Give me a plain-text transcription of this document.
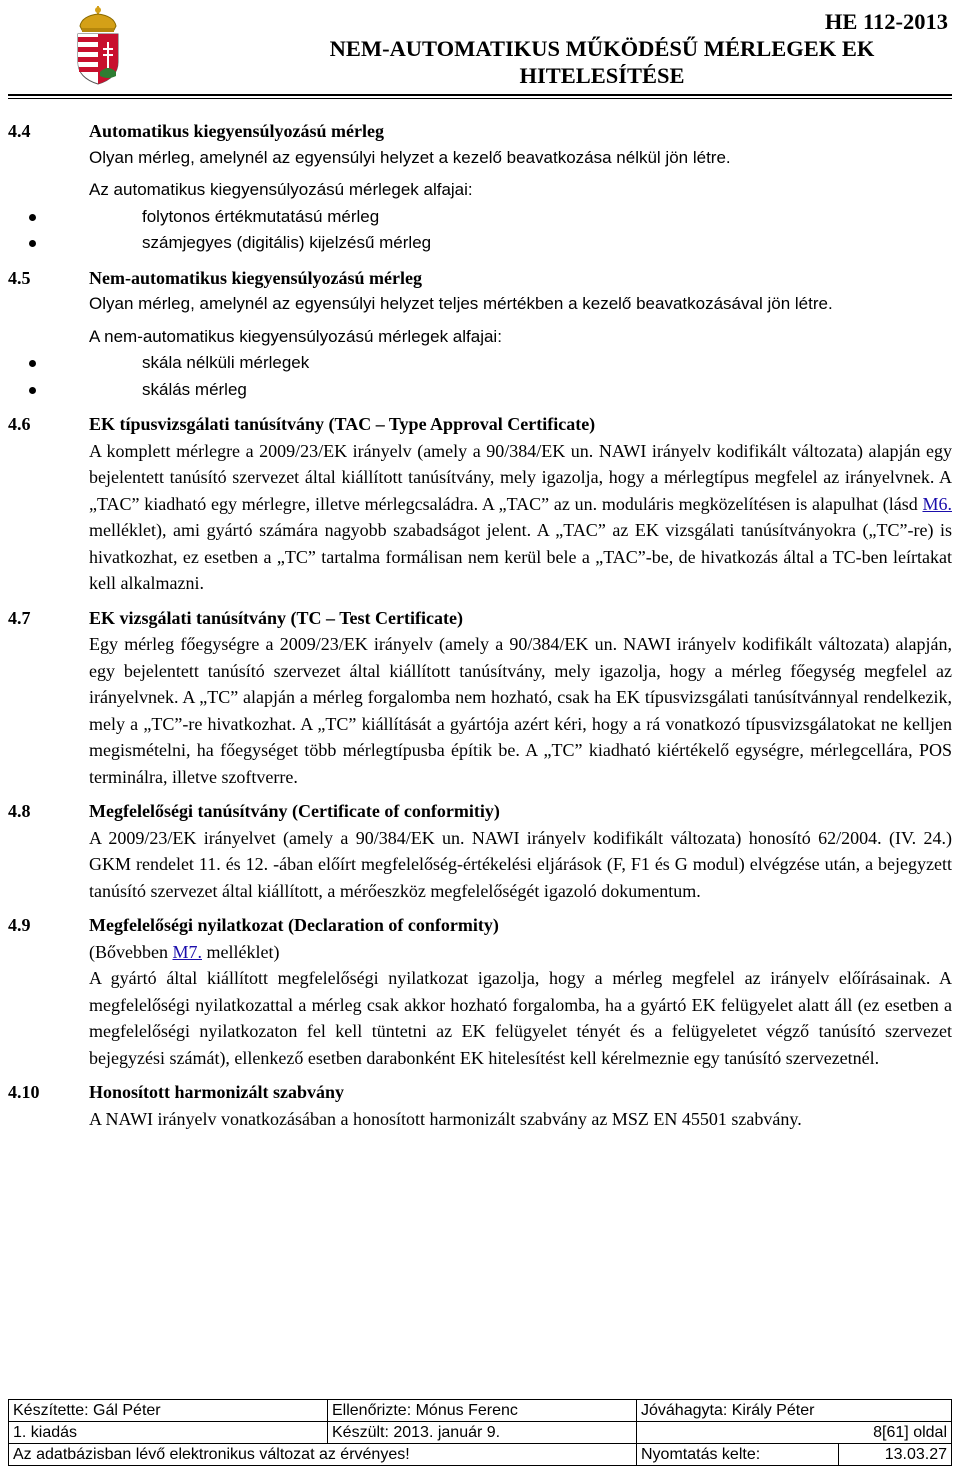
HE 112-2013
NEM-AUTOMATIKUS MŰKÖDÉSŰ MÉRLEGEK EK
HITELESÍTÉSE
4.4	Automatikus kiegyensúlyozású mérleg

Olyan mérleg, amelynél az egyensúlyi helyzet a kezelő beavatkozása nélkül jön létre.

Az automatikus kiegyensúlyozású mérlegek alfajai:

folytonos értékmutatású mérleg
számjegyes (digitális) kijelzésű mérleg
4.5	Nem-automatikus kiegyensúlyozású mérleg

Olyan mérleg, amelynél az egyensúlyi helyzet teljes mértékben a kezelő beavatkozásával jön létre.

A nem-automatikus kiegyensúlyozású mérlegek alfajai:

skála nélküli mérlegek
skálás mérleg
4.6	EK típusvizsgálati tanúsítvány (TAC – Type Approval Certificate)

A komplett mérlegre a 2009/23/EK irányelv (amely a 90/384/EK un. NAWI irányelv kodifikált változata) alapján egy bejelentett tanúsító szervezet által kiállított tanúsítvány, mely igazolja, hogy a mérlegtípus megfelel az irányelvnek. A „TAC” kiadható egy mérlegre, illetve mérlegcsaládra. A „TAC” az un. moduláris megközelítésen is alapulhat (lásd M6. melléklet), ami gyártó számára nagyobb szabadságot jelent. A „TAC” az EK vizsgálati tanúsítványokra („TC”-re) is hivatkozhat, ez esetben a „TC” tartalma formálisan nem kerül bele a „TAC”-be, de hivatkozás által a TC-ben leírtakat kell alkalmazni.

4.7	EK vizsgálati tanúsítvány (TC – Test Certificate)

Egy mérleg főegységre a 2009/23/EK irányelv (amely a 90/384/EK un. NAWI irányelv kodifikált változata) alapján, egy bejelentett tanúsító szervezet által kiállított tanúsítvány, mely igazolja, hogy a mérleg főegység megfelel az irányelvnek. A „TC” alapján a mérleg forgalomba nem hozható, csak ha EK típusvizsgálati tanúsítvánnyal rendelkezik, mely a „TC”-re hivatkozhat. A „TC” kiállítását a gyártója azért kéri, hogy a rá vonatkozó típusvizsgálatokat ne kelljen megismételni, ha főegységet több mérlegtípusba építik be. A „TC” kiadható kiértékelő egységre, mérlegcellára, POS terminálra, illetve szoftverre.

4.8	Megfelelőségi tanúsítvány (Certificate of conformitiy)

A 2009/23/EK irányelvet (amely a 90/384/EK un. NAWI irányelv kodifikált változata) honosító 62/2004. (IV. 24.) GKM rendelet 11. és 12. -ában előírt megfelelőség-értékelési eljárások (F, F1 és G modul) elvégzése után, a bejegyzett tanúsító szervezet által kiállított, a mérőeszköz megfelelőségét igazoló dokumentum.

4.9	Megfelelőségi nyilatkozat (Declaration of conformity)

(Bővebben M7. melléklet)

A gyártó által kiállított megfelelőségi nyilatkozat igazolja, hogy a mérleg megfelel az irányelv előírásainak. A megfelelőségi nyilatkozattal a mérleg csak akkor hozható forgalomba, ha a gyártó EK felügyelet alatt áll (ez esetben a megfelelőségi nyilatkozaton fel kell tüntetni az EK felügyelet tényét és a felügyeletet végző tanúsító szervezet bejegyzési számát), ellenkező esetben darabonként EK hitelesítést kell kérelmeznie egy tanúsító szervezetnél.

4.10	Honosított harmonizált szabvány

A NAWI irányelv vonatkozásában a honosított harmonizált szabvány az MSZ EN 45501 szabvány.

Készítette: Gál Péter	Ellenőrizte: Mónus Ferenc	Jóváhagyta: Király Péter	
1. kiadás	Készült: 2013. január 9.	8[61] oldal	
Az adatbázisban lévő elektronikus változat az érvényes!		Nyomtatás kelte:	13.03.27
